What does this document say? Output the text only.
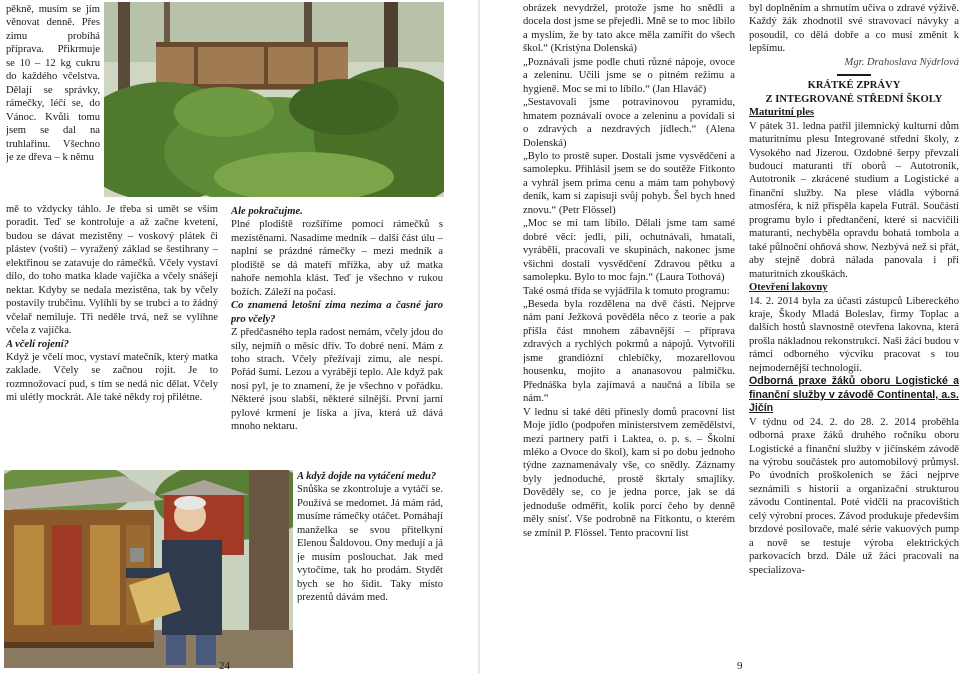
pěkně, musím se jím věnovat denně. Přes zimu probíhá příprava. Přikrmuje se 10 – 12 kg cukru do každého včelstva. Dělají se správky, rámečky, léčí se, do Vánoc. Kvůli tomu jsem se dal na truhlařinu. Všechno je ze dřeva – k němu

mě to vždycky táhlo. Je třeba si umět se vším poradit. Teď se kontroluje a až začne kvetení, budou se dávat mezistěny – voskový plátek či plástev (vošti) – vyražený základ se šestihrany – elektřinou se zatavuje do rámečků. Včely vystaví dílo, do toho matka klade vajíčka a včely snášejí nektar. Kdyby se nedala mezistěna, tak by včely postavily trubčinu. Vylíhlí by se trubci a to žádný včelař nemiluje. Tři neděle trvá, než se vylíhne včela z vajíčka.

A včelí rojení?

Když je včelí moc, vystaví matečník, který matka zaklade. Včely se začnou rojit. Je to rozmnožovací pud, s tím se nedá nic dělat. Včely mi ulétly mockrát. Ale také někdy roj přilétne.

Ale pokračujme.

Plné plodiště rozšíříme pomocí rámečků s mezistěnami. Nasadíme medník – další část úlu – naplní se prázdné rámečky – mezi medník a plodiště se dá mateří mřížka, aby už matka nahoře nemohla klást. Teď je všechno v rukou božích. Záleží na počasí.

Co znamená letošní zima nezima a časné jaro pro včely?

Z předčasného tepla radost nemám, včely jdou do síly, nejmíň o měsíc dřív. To dobré není. Mám z toho strach. Včely přežívají zimu, ale nespí. Pořád šumí. Lezou a vyrábějí teplo. Ale když pak nosí pyl, je to znamení, že je všechno v pořádku. Některé jsou slabší, některé silnější. První jarní pylové krmení je líska a jíva, která už dává mnoho nektaru.

A když dojde na vytáčení medu?

Snůška se zkontroluje a vytáčí se. Používá se medomet. Já mám rád, musíme rámečky otáčet. Pomáhají manželka se svou přítelkyní Elenou Šaldovou. Ony medují a já je musím poslouchat. Jak med vytočíme, tak ho prodám. Stydět bych se ho šidit. Taky místo prezentů dávám med.

24

obrázek nevydržel, protože jsme ho snědli a docela dost jsme se přejedli. Mně se to moc líbilo a myslím, že by tato akce měla zamířit do všech škol.“ (Kristýna Dolenská)

„Poznávali jsme podle chuti různé nápoje, ovoce a zeleninu. Učili jsme se o pitném režimu a hygieně. Moc se mi to líbilo.“ (Jan Hlaváč)

„Sestavovali jsme potravinovou pyramidu, hmatem poznávali ovoce a zeleninu a povídali si o zdravých a nezdravých jídlech.“ (Alena Dolenská)

„Bylo to prostě super. Dostali jsme vysvědčení a samolepku. Přihlásil jsem se do soutěže Fitkonto a vyhrál jsem prima cenu a mám tam pohybový deník, kam si zapisuji svůj pohyb. Šel bych hned znovu.“ (Petr Flössel)

„Moc se mi tam líbilo. Dělali jsme tam samé dobré věci: jedli, pili, ochutnávali, hmatali, vyráběli, pracovali ve skupinách, nakonec jsme všichni dostali vysvědčení Zdravou pětku a samolepku. Bylo to moc fajn.“ (Laura Tothová)

Také osmá třída se vyjádřila k tomuto programu:

„Beseda byla rozdělena na dvě části. Nejprve nám paní Ježková pověděla něco z teorie a pak přišla část mnohem zábavnější – příprava zdravých a rychlých pokrmů a nápojů. Vytvořili jsme grandiózní chlebíčky, mozarellovou housenku, mojito a ananasovou palmičku. Přednáška byla zajímavá a naučná a líbila se nám.“

V lednu si také děti přinesly domů pracovní list Moje jídlo (podpořen ministerstvem zemědělství, mezi partnery patří i Laktea, o. p. s. – Školní mléko a Ovoce do škol), kam si po dobu jednoho týdne zaznamenávaly vše, co snědly. Záznamy byly jednoduché, prostě škrtaly smajlíky. Dověděly se, co je jedna porce, jak se dá jednoduše odměřit, kolik porcí čeho by denně měly snísť. Vše podrobně na Fitkontu, o kterém se zmínil P. Flössel. Tento pracovní list

byl doplněním a shrnutím učiva o zdravé výživě. Každý žák zhodnotil své stravovací návyky a posoudil, co dělá dobře a co musí změnit k lepšímu.

Mgr. Drahoslava Nýdrlová

KRÁTKÉ ZPRÁVY

Z INTEGROVANÉ STŘEDNÍ ŠKOLY

Maturitní ples

V pátek 31. ledna patřil jilemnický kulturní dům maturitnímu plesu Integrované střední školy, z Vysokého nad Jizerou. Ozdobné šerpy převzali budoucí maturanti tří oborů – Autotronik, Autotronik – zkrácené studium a Logistické a finanční služby. Na plese vládla výborná atmosféra, k níž přispěla kapela Futrál. Součástí programu bylo i předtančení, které si nacvičili maturanti, nechyběla opravdu bohatá tombola a také půlnoční ohňová show. Nezbývá než si přát, aby stejně dobrá nálada panovala i při maturitních zkouškách.

Otevření lakovny

14. 2. 2014 byla za účasti zástupců Libereckého kraje, Škody Mladá Boleslav, firmy Toplac a dalších hostů slavnostně otevřena lakovna, která prošla nákladnou rekonstrukcí. Naši žáci budou v rámci odborného výcviku pracovat s tou nejmodernější technologií.

Odborná praxe žáků oboru Logistické a finanční služby v závodě Continental, a.s. Jičín

V týdnu od 24. 2. do 28. 2. 2014 proběhla odborná praxe žáků druhého ročníku oboru Logistické a finanční služby v jičínském závodě na výrobu součástek pro automobilový průmysl. Po úvodních proškoleních se žáci nejprve seznámili s historií a organizační strukturou závodu Continental. Poté vidčli na pracovištích celý výrobní proces. Závod produkuje především brzdové posilovače, malé série vakuových pump a nově se testuje výroba elektrických parkovacích brzd. Dále už žáci pracovali na specializova-

9
